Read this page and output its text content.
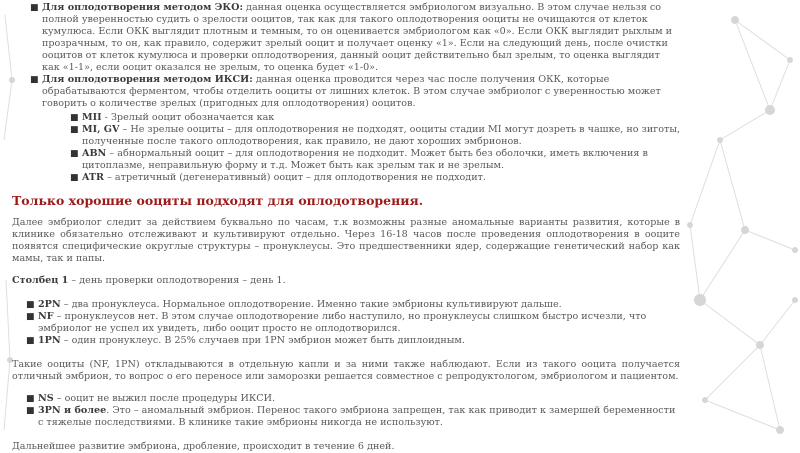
■ Для оплодотворения методом ЭКО: данная оценка осуществляется эмбриологом визуально. В этом случае нельзя со полной уверенностью судить о зрелости ооцитов, так как для такого оплодотворения ооциты не очищаются от клеток кумулюса. Если ОКК выглядит плотным и темным, то он оценивается эмбриологом как «0». Если ОКК выглядит рыхлым и прозрачным, то он, как правило, содержит зрелый ооцит и получает оценку «1». Если на следующий день, после очистки ооцитов от клеток кумулюса и проверки оплодотворения, данный ооцит действительно был зрелым, то оценка выглядит как «1-1», если ооцит оказался не зрелым, то оценка будет «1-0».
■ Для оплодотворения методом ИКСИ: данная оценка проводится через час после получения ОКК, которые обрабатываются ферментом, чтобы отделить ооциты от лишних клеток. В этом случае эмбриолог с уверенностью может говорить о количестве зрелых (пригодных для оплодотворения) ооцитов.
■ MII - Зрелый ооцит обозначается как
■ MI, GV – Не зрелые ооциты – для оплодотворения не подходят, ооциты стадии MI могут дозреть в чашке, но зиготы, полученные после такого оплодотворения, как правило, не дают хороших эмбрионов.
■ ABN – абнормальный ооцит – для оплодотворения не подходит. Может быть без оболочки, иметь включения в цитоплазме, неправильную форму и т.д. Может быть как зрелым так и не зрелым.
■ ATR – атретичный (дегенеративный) ооцит – для оплодотворения не подходит.
Только хорошие ооциты подходят для оплодотворения.

Далее эмбриолог следит за действием буквально по часам, т.к возможны разные аномальные варианты развития, которые в клинике обязательно отслеживают и культивируют отдельно. Через 16-18 часов после проведения оплодотворения в ооците появятся специфические округлые структуры – пронуклеусы. Это предшественники ядер, содержащие генетический набор как мамы, так и папы.

Столбец 1 – день проверки оплодотворения – день 1.

■ 2PN – два пронуклеуса. Нормальное оплодотворение. Именно такие эмбрионы культивируют дальше.
■ NF – пронуклеусов нет. В этом случае оплодотворение либо наступило, но пронуклеусы слишком быстро исчезли, что эмбриолог не успел их увидеть, либо ооцит просто не оплодотворился.
■ 1PN – один пронуклеус. В 25% случаев при 1PN эмбрион может быть диплоидным.

Такие ооциты (NF, 1PN) откладываются в отдельную капли и за ними также наблюдают. Если из такого ооцита получается отличный эмбрион, то вопрос о его переносе или заморозки решается совместное с репродуктологом, эмбриологом и пациентом.

■ NS – ооцит не выжил после процедуры ИКСИ.
■ 3PN и более. Это – аномальный эмбрион. Перенос такого эмбриона запрещен, так как приводит к замершей беременности с тяжелые последствиями. В клинике такие эмбрионы никогда не используют.

Дальнейшее развитие эмбриона, дробление, происходит в течение 6 дней.
